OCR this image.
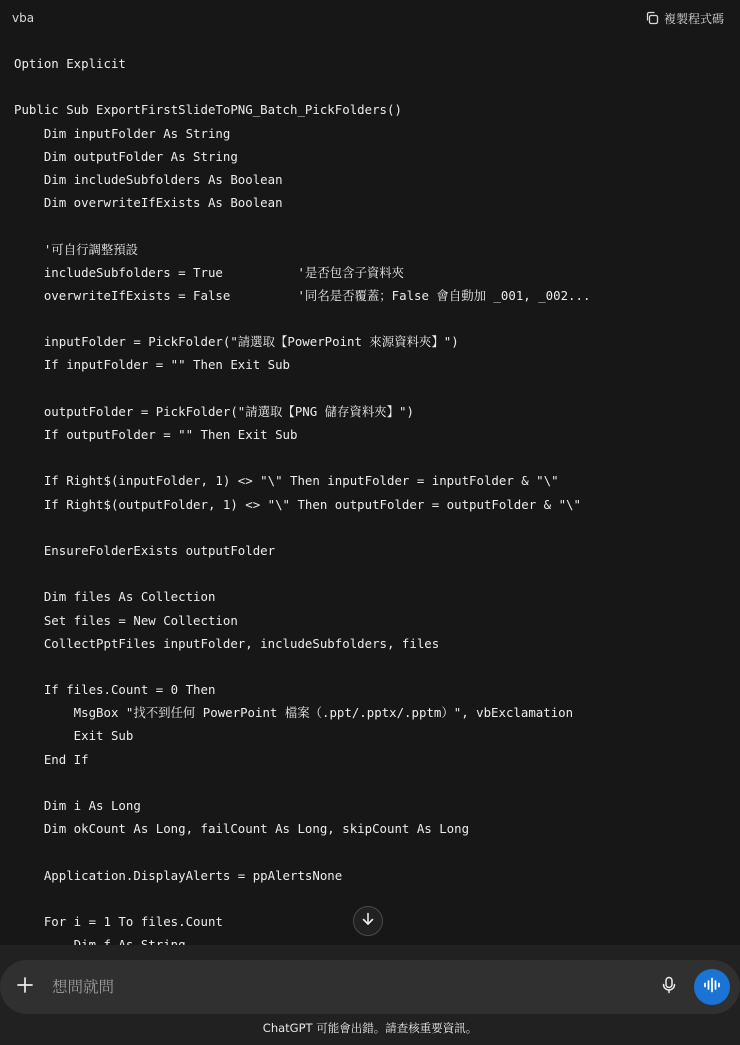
vba	複製程式碼
Option Explicit
Public Sub ExportFirstSlideToPNG_Batch_PickFolders()
Dim inputFolder As String
Dim outputFolder As String
Dim includeSubfolders As Boolean
Dim overwriteIfExists As Boolean
'可自行調整預設
includeSubfolders = True          '是否包含子資料夾
overwriteIfExists = False         '同名是否覆蓋；False 會自動加 _001, _002...
inputFolder = PickFolder("請選取【PowerPoint 來源資料夾】")
If inputFolder = "" Then Exit Sub
outputFolder = PickFolder("請選取【PNG 儲存資料夾】")
If outputFolder = "" Then Exit Sub
If Right$(inputFolder, 1) <> "\" Then inputFolder = inputFolder & "\"
If Right$(outputFolder, 1) <> "\" Then outputFolder = outputFolder & "\"
EnsureFolderExists outputFolder
Dim files As Collection
Set files = New Collection
CollectPptFiles inputFolder, includeSubfolders, files
If files.Count = 0 Then
MsgBox "找不到任何 PowerPoint 檔案（.ppt/.pptx/.pptm）", vbExclamation
Exit Sub
End If
Dim i As Long
Dim okCount As Long, failCount As Long, skipCount As Long
Application.DisplayAlerts = ppAlertsNone
For i = 1 To files.Count
想問就問
ChatGPT 可能會出錯。請查核重要資訊。
